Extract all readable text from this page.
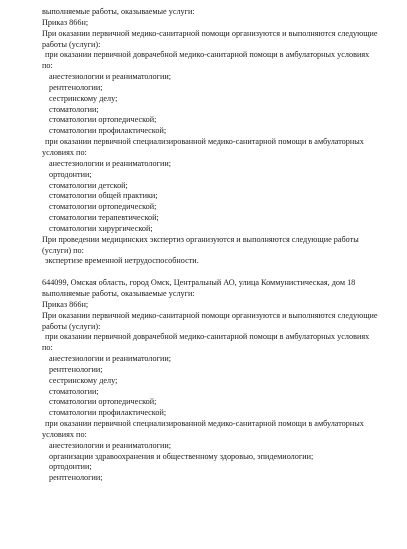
выполняемые работы, оказываемые услуги:
Приказ 866н;
При оказании первичной медико-санитарной помощи организуются и выполняются следующие
работы (услуги):
при оказании первичной доврачебной медико-санитарной помощи в амбулаторных условиях
по:
анестезиологии и реаниматологии;
рентгенологии;
сестринскому делу;
стоматологии;
стоматологии ортопедической;
стоматологии профилактической;
при оказании первичной специализированной медико-санитарной помощи в амбулаторных
условиях по:
анестезиологии и реаниматологии;
ортодонтии;
стоматологии детской;
стоматологии общей практики;
стоматологии ортопедической;
стоматологии терапевтической;
стоматологии хирургической;
При проведении медицинских экспертиз организуются и выполняются следующие работы
(услуги) по:
экспертизе временной нетрудоспособности.
644099, Омская область, город Омск, Центральный АО, улица Коммунистическая, дом 18
выполняемые работы, оказываемые услуги:
Приказ 866н;
При оказании первичной медико-санитарной помощи организуются и выполняются следующие
работы (услуги):
при оказании первичной доврачебной медико-санитарной помощи в амбулаторных условиях
по:
анестезиологии и реаниматологии;
рентгенологии;
сестринскому делу;
стоматологии;
стоматологии ортопедической;
стоматологии профилактической;
при оказании первичной специализированной медико-санитарной помощи в амбулаторных
условиях по:
анестезиологии и реаниматологии;
организации здравоохранения и общественному здоровью, эпидемиологии;
ортодонтии;
рентгенологии;
